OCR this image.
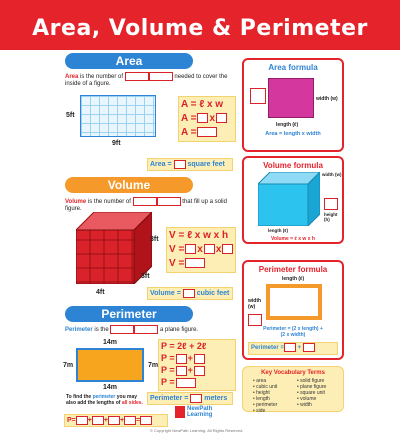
Area, Volume & Perimeter
Area
Area is the number of	needed to cover the inside of a figure.
5ft
9ft
A = ℓ x w
A = x
A =
Area = square feet
Volume
Volume is the number of	that fill up a solid figure.
3ft
3ft
4ft
V = ℓ x w x h
V = x x
V =
Volume = cubic feet
Perimeter
Perimeter is the	a plane figure.
14m
14m
7m	7m
P = 2ℓ + 2ℓ
P = +
P = +
P =
Perimeter = meters
To find the perimeter you may also add the lengths of all sides.
P= + + + =
Area formula
width (w)
length (ℓ)
Area = length x width
Volume formula
width (w)
height (h)
length (ℓ)
Volume = ℓ x w x h
Perimeter formula
length (ℓ)
width (w)
Perimeter = (2 x length) +
(2 x width)
Perimeter = +
Key Vocabulary Terms
• area
• cubic unit
• height
• length
• perimeter
• side
• solid figure
• plane figure
• square unit
• volume
• width
NewPath Learning
© Copyright NewPath Learning. All Rights Reserved.
